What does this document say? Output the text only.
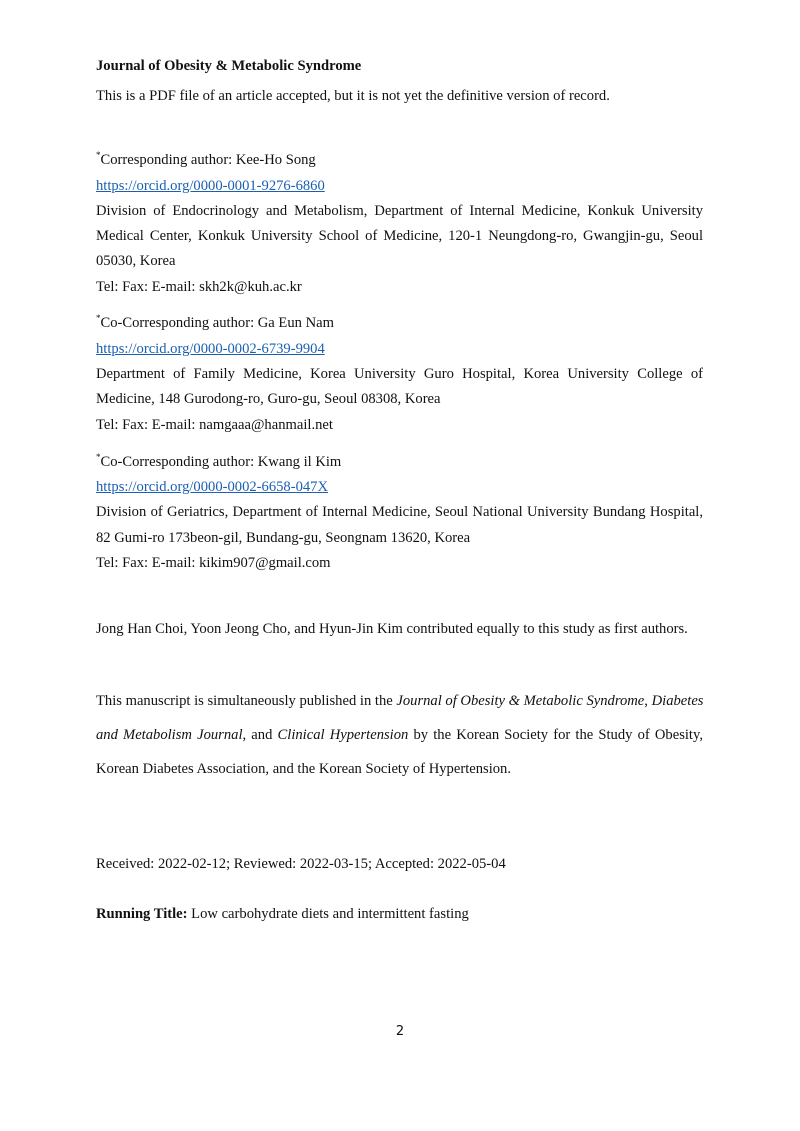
Journal of Obesity & Metabolic Syndrome
This is a PDF file of an article accepted, but it is not yet the definitive version of record.
*Corresponding author: Kee-Ho Song
https://orcid.org/0000-0001-9276-6860
Division of Endocrinology and Metabolism, Department of Internal Medicine, Konkuk University
Medical Center, Konkuk University School of Medicine, 120-1 Neungdong-ro, Gwangjin-gu, Seoul
05030, Korea
Tel: Fax: E-mail: skh2k@kuh.ac.kr
*Co-Corresponding author: Ga Eun Nam
https://orcid.org/0000-0002-6739-9904
Department of Family Medicine, Korea University Guro Hospital, Korea University College of
Medicine, 148 Gurodong-ro, Guro-gu, Seoul 08308, Korea
Tel: Fax: E-mail: namgaaa@hanmail.net
*Co-Corresponding author: Kwang il Kim
https://orcid.org/0000-0002-6658-047X
Division of Geriatrics, Department of Internal Medicine, Seoul National University Bundang Hospital,
82 Gumi-ro 173beon-gil, Bundang-gu, Seongnam 13620, Korea
Tel: Fax: E-mail: kikim907@gmail.com
Jong Han Choi, Yoon Jeong Cho, and Hyun-Jin Kim contributed equally to this study as first authors.
This manuscript is simultaneously published in the Journal of Obesity & Metabolic Syndrome, Diabetes
and Metabolism Journal, and Clinical Hypertension by the Korean Society for the Study of Obesity,
Korean Diabetes Association, and the Korean Society of Hypertension.
Received: 2022-02-12; Reviewed: 2022-03-15; Accepted: 2022-05-04
Running Title: Low carbohydrate diets and intermittent fasting
2
